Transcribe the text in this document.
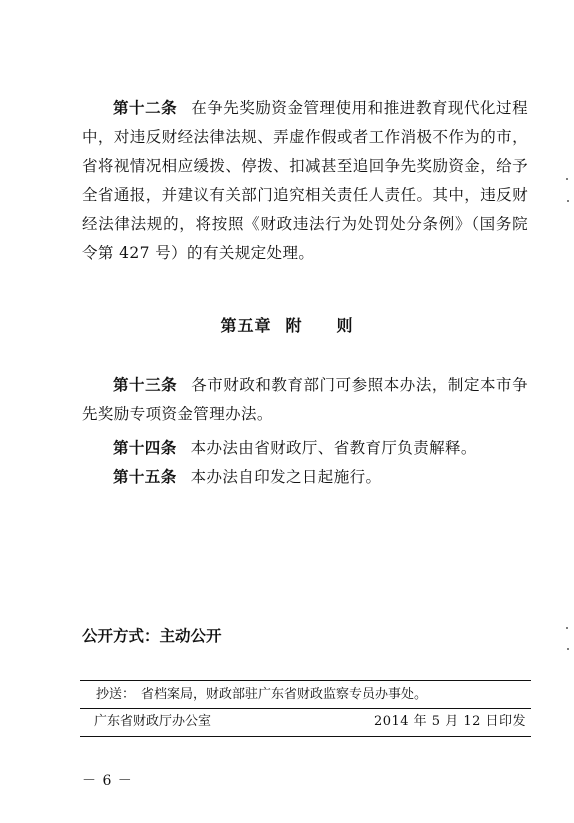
第十二条 在争先奖励资金管理使用和推进教育现代化过程中，对违反财经法律法规、弄虚作假或者工作消极不作为的市，省将视情况相应缓拨、停拨、扣减甚至追回争先奖励资金，给予全省通报，并建议有关部门追究相关责任人责任。其中，违反财经法律法规的，将按照《财政违法行为处罚处分条例》（国务院令第 427 号）的有关规定处理。

第五章 附　　则

第十三条 各市财政和教育部门可参照本办法，制定本市争先奖励专项资金管理办法。

第十四条 本办法由省财政厅、省教育厅负责解释。

第十五条 本办法自印发之日起施行。

公开方式：主动公开
抄送： 省档案局，财政部驻广东省财政监察专员办事处。
广东省财政厅办公室	2014 年 5 月 12 日印发
－ 6 －
